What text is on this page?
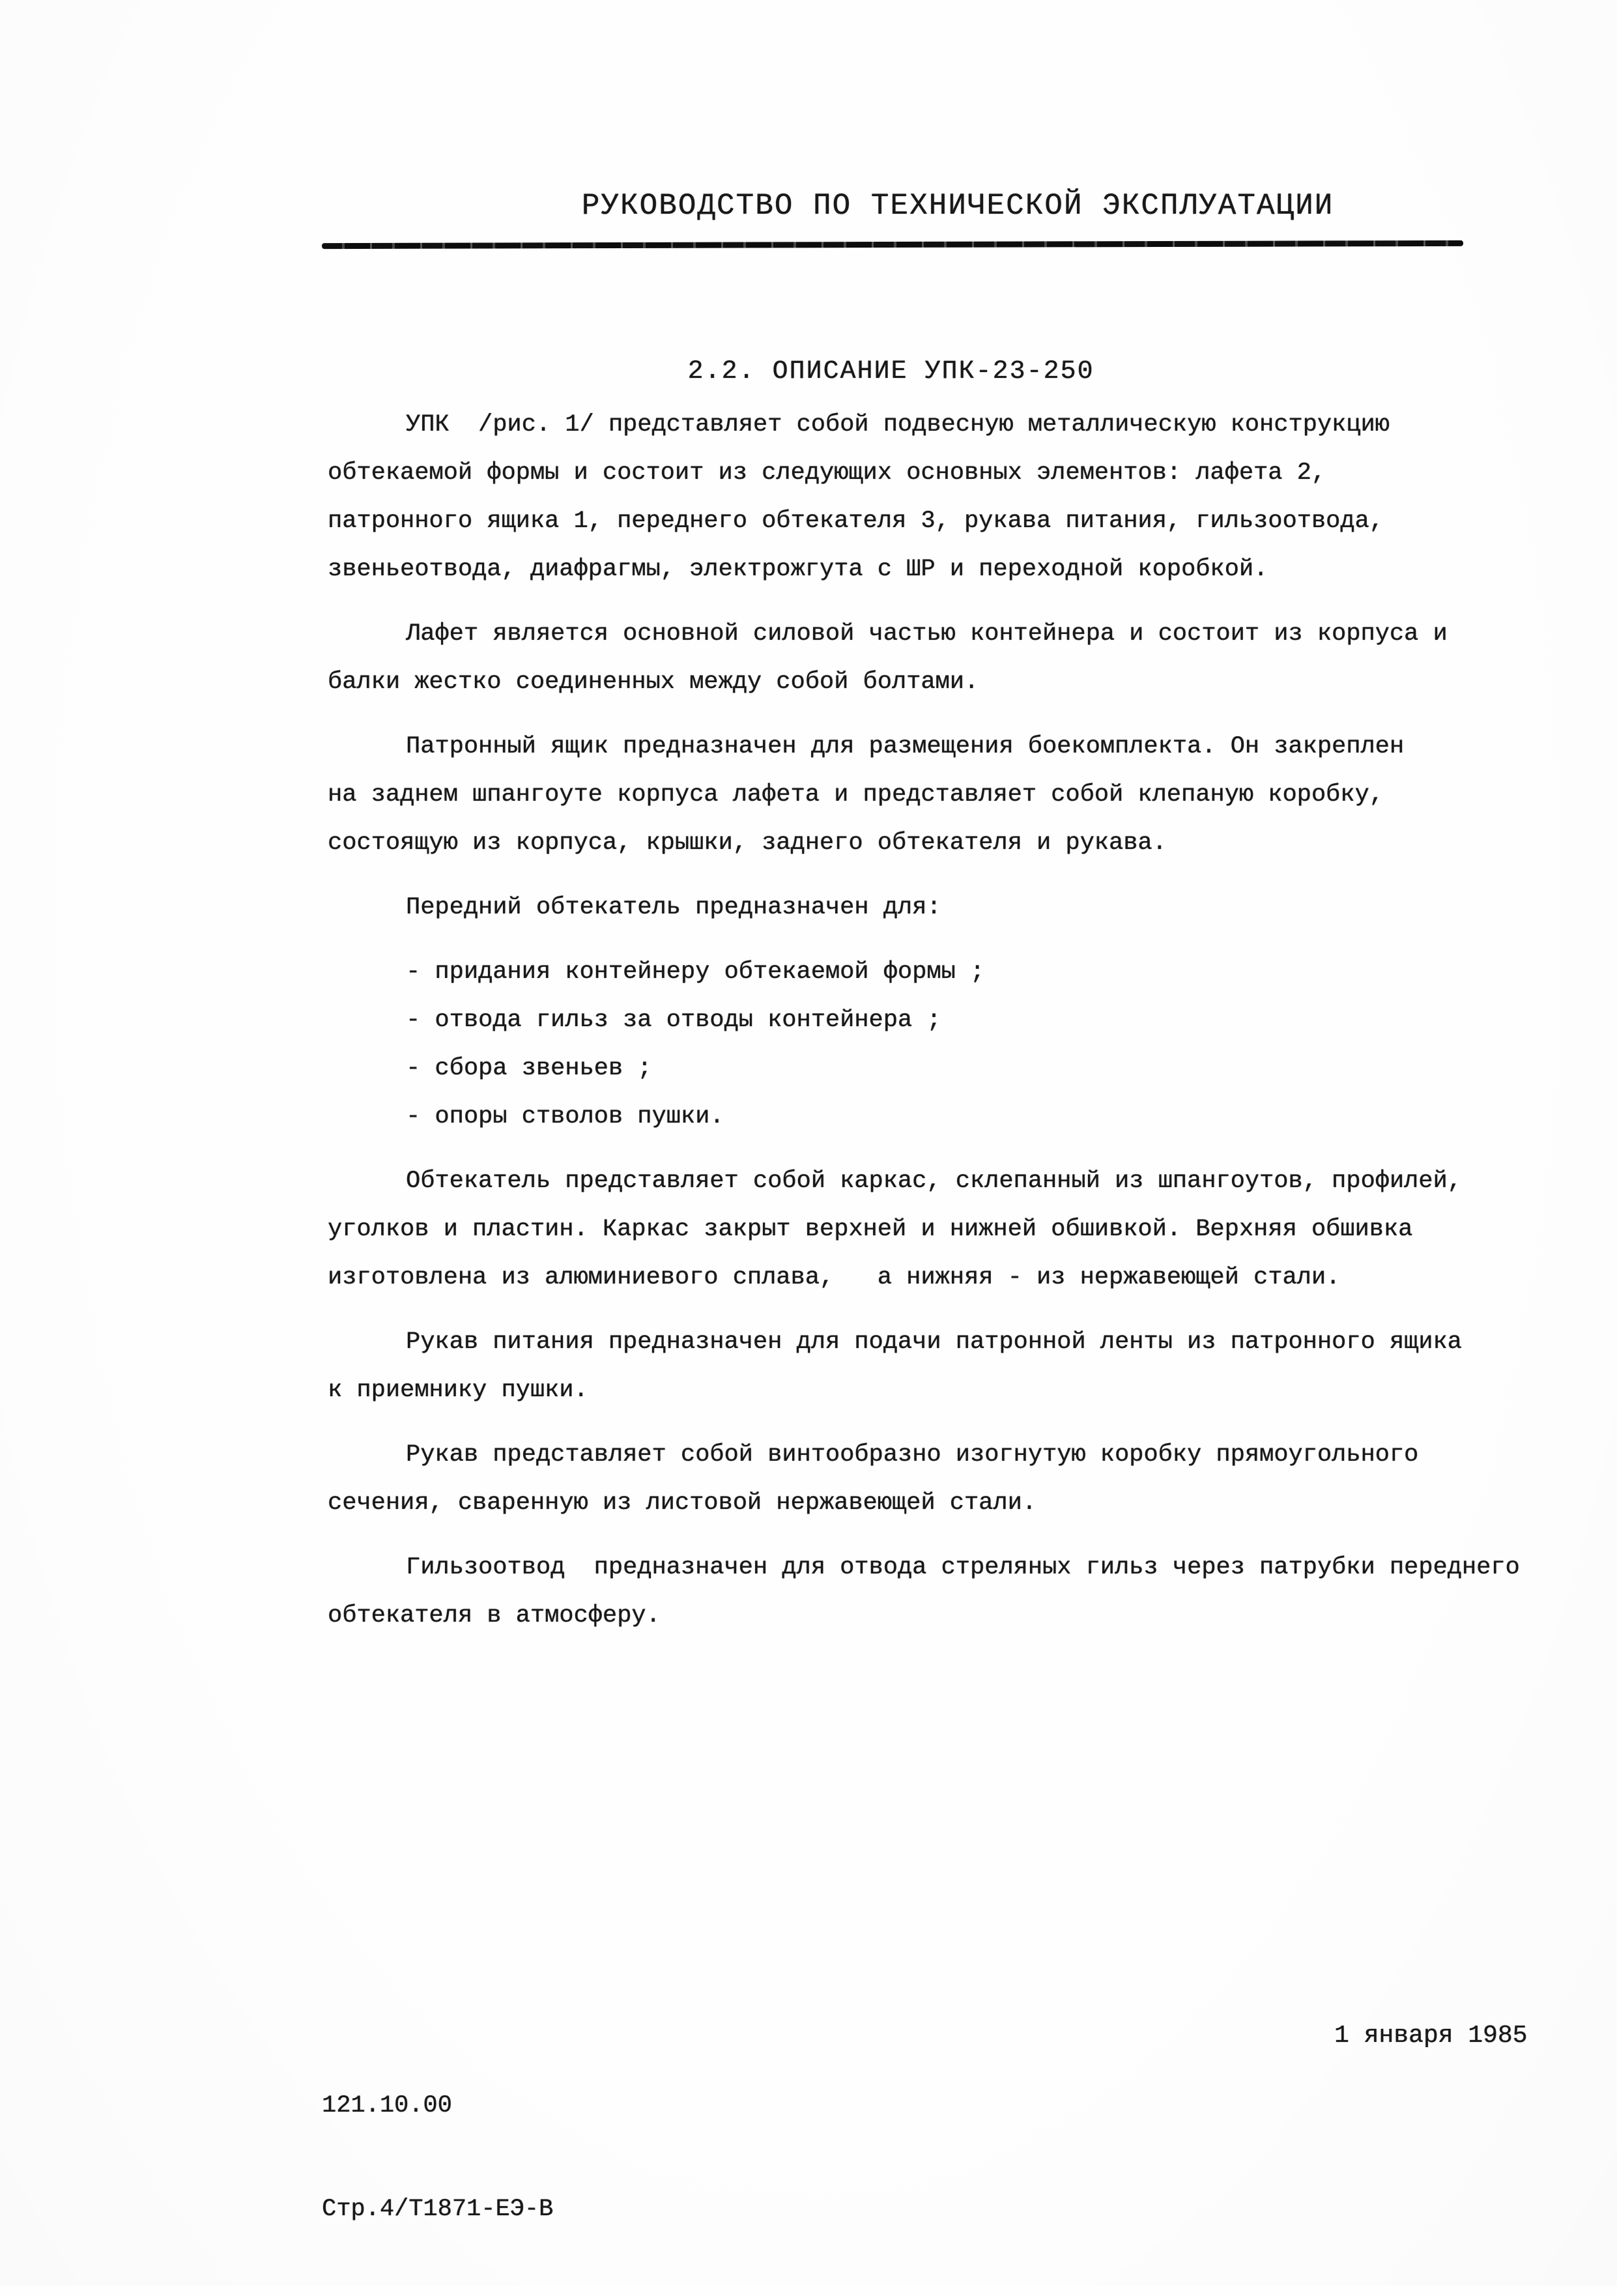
РУКОВОДСТВО ПО ТЕХНИЧЕСКОЙ ЭКСПЛУАТАЦИИ
2.2. ОПИСАНИЕ УПК-23-250
УПК  /рис. 1/ представляет собой подвесную металлическую конструкцию
обтекаемой формы и состоит из следующих основных элементов: лафета 2,
патронного ящика 1, переднего обтекателя 3, рукава питания, гильзоотвода,
звеньеотвода, диафрагмы, электрожгута с ШР и переходной коробкой.
Лафет является основной силовой частью контейнера и состоит из корпуса и
балки жестко соединенных между собой болтами.
Патронный ящик предназначен для размещения боекомплекта. Он закреплен
на заднем шпангоуте корпуса лафета и представляет собой клепаную коробку,
состоящую из корпуса, крышки, заднего обтекателя и рукава.
Передний обтекатель предназначен для:
- придания контейнеру обтекаемой формы ;
- отвода гильз за отводы контейнера ;
- сбора звеньев ;
- опоры стволов пушки.
Обтекатель представляет собой каркас, склепанный из шпангоутов, профилей,
уголков и пластин. Каркас закрыт верхней и нижней обшивкой. Верхняя обшивка
изготовлена из алюминиевого сплава,   а нижняя - из нержавеющей стали.
Рукав питания предназначен для подачи патронной ленты из патронного ящика
к приемнику пушки.
Рукав представляет собой винтообразно изогнутую коробку прямоугольного
сечения, сваренную из листовой нержавеющей стали.
Гильзоотвод  предназначен для отвода стреляных гильз через патрубки переднего
обтекателя в атмосферу.

121.10.00

Стр.4/Т1871-ЕЭ-В

1 января 1985
